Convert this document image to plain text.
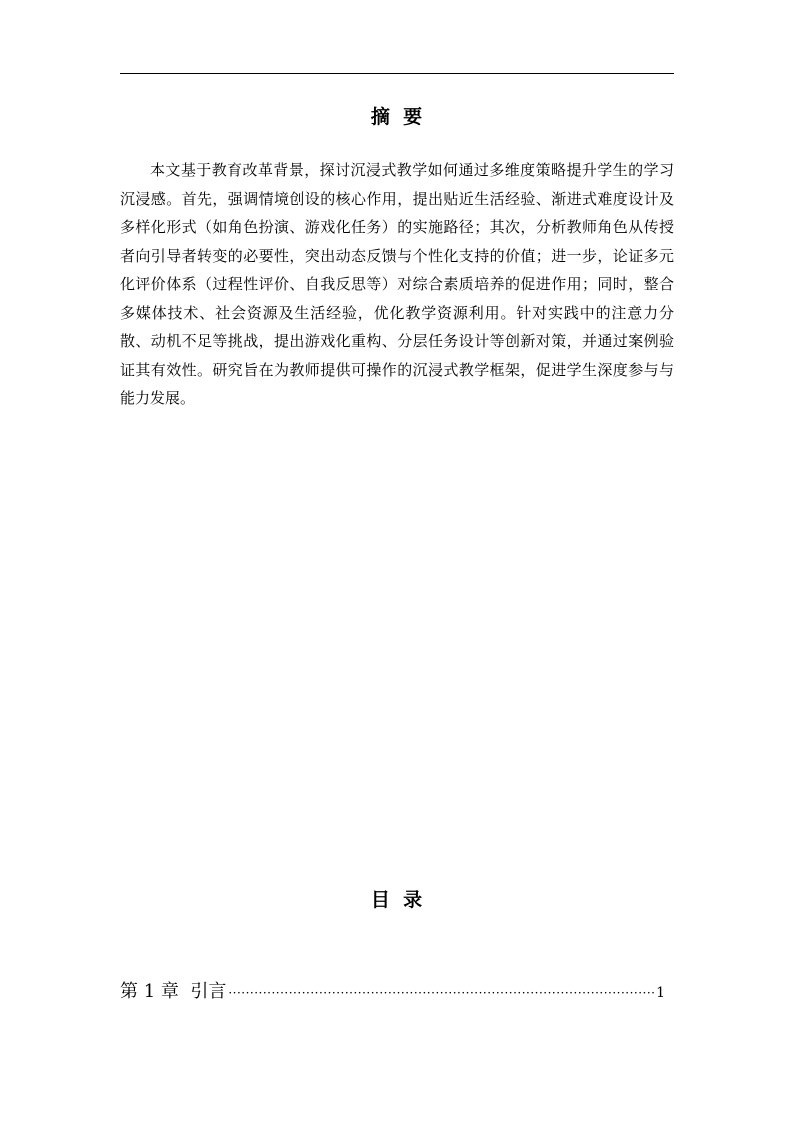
摘  要

本文基于教育改革背景，探讨沉浸式教学如何通过多维度策略提升学生的学习沉浸感。首先，强调情境创设的核心作用，提出贴近生活经验、渐进式难度设计及多样化形式（如角色扮演、游戏化任务）的实施路径；其次，分析教师角色从传授者向引导者转变的必要性，突出动态反馈与个性化支持的价值；进一步，论证多元化评价体系（过程性评价、自我反思等）对综合素质培养的促进作用；同时，整合多媒体技术、社会资源及生活经验，优化教学资源利用。针对实践中的注意力分散、动机不足等挑战，提出游戏化重构、分层任务设计等创新对策，并通过案例验证其有效性。研究旨在为教师提供可操作的沉浸式教学框架，促进学生深度参与与能力发展。

目  录
第 1 章  引言
·····	1
